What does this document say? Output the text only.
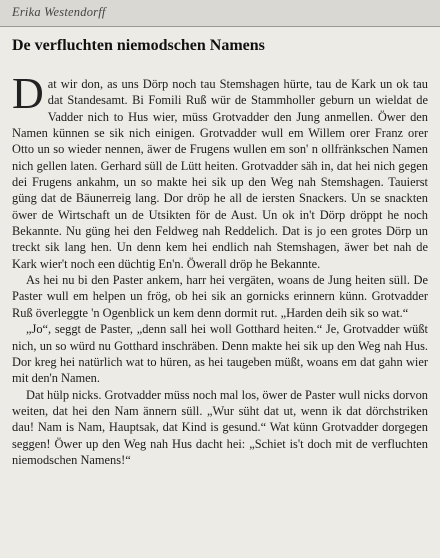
Erika Westendorff
De verfluchten niemodschen Namens

Dat wir don, as uns Dörp noch tau Stemshagen hürte, tau de Kark un ok tau dat Standesamt. Bi Fomili Ruß wür de Stammholler geburn un wieldat de Vadder nich to Hus wier, müss Grotvadder den Jung anmellen. Öwer den Namen künnen se sik nich einigen. Grotvadder wull em Willem orer Franz orer Otto un so wieder nennen, äwer de Frugens wullen em son' n ollfränkschen Namen nich gellen laten. Gerhard süll de Lütt heiten. Grotvadder säh in, dat hei nich gegen dei Frugens ankahm, un so makte hei sik up den Weg nah Stemshagen. Tauierst güng dat de Bäunerreig lang. Dor dröp he all de iersten Snackers. Un se snackten öwer de Wirtschaft un de Utsikten för de Aust. Un ok in't Dörp dröppt he noch Bekannte. Nu güng hei den Feldweg nah Reddelich. Dat is jo een grotes Dörp un treckt sik lang hen. Un denn kem hei endlich nah Stemshagen, äwer bet nah de Kark wier't noch een düchtig En'n. Öwerall dröp he Bekannte.

As hei nu bi den Paster ankem, harr hei vergäten, woans de Jung heiten süll. De Paster wull em helpen un frög, ob hei sik an gornicks erinnern künn. Grotvadder Ruß överleggte 'n Ogenblick un kem denn dormit rut. „Harden deih sik so wat.“

„Jo“, seggt de Paster, „denn sall hei woll Gotthard heiten.“ Je, Grotvadder wüßt nich, un so würd nu Gotthard inschräben. Denn makte hei sik up den Weg nah Hus. Dor kreg hei natürlich wat to hüren, as hei taugeben müßt, woans em dat gahn wier mit den'n Namen.

Dat hülp nicks. Grotvadder müss noch mal los, öwer de Paster wull nicks dorvon weiten, dat hei den Nam ännern süll. „Wur süht dat ut, wenn ik dat dörchstriken dau! Nam is Nam, Hauptsak, dat Kind is gesund.“ Wat künn Grotvadder dorgegen seggen! Öwer up den Weg nah Hus dacht hei: „Schiet is't doch mit de verfluchten niemodschen Namens!“
